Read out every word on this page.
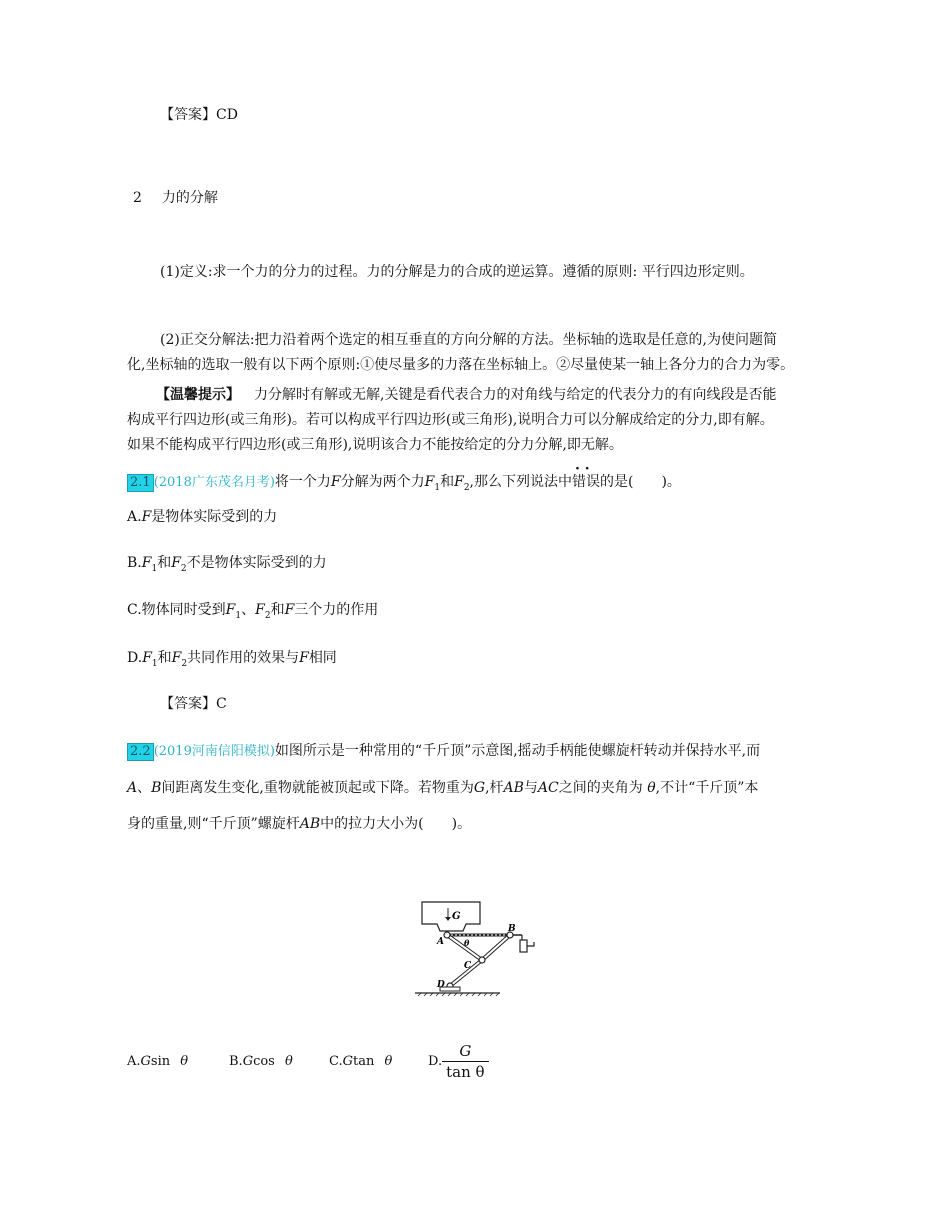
【答案】CD
2 力的分解
(1)定义:求一个力的分力的过程。力的分解是力的合成的逆运算。遵循的原则: 平行四边形定则。
(2)正交分解法:把力沿着两个选定的相互垂直的方向分解的方法。坐标轴的选取是任意的,为使问题简
化,坐标轴的选取一般有以下两个原则:①使尽量多的力落在坐标轴上。②尽量使某一轴上各分力的合力为零。
【温馨提示】 力分解时有解或无解,关键是看代表合力的对角线与给定的代表分力的有向线段是否能
构成平行四边形(或三角形)。若可以构成平行四边形(或三角形),说明合力可以分解成给定的分力,即有解。
如果不能构成平行四边形(或三角形),说明该合力不能按给定的分力分解,即无解。
2.1 (2018广东茂名月考)将一个力F分解为两个力$F_1$和$F_2$,那么下列说法中· · 错误的是(　　)。
A.F是物体实际受到的力
$B.F_1$和$F_2$不是物体实际受到的力
C.物体同时受到$F_1$、$F_2$和F三个力的作用
$D.F_1$和$F_2$共同作用的效果与F相同
【答案】C
2.2 (2019河南信阳模拟)如图所示是一种常用的“千斤顶”示意图,摇动手柄能使螺旋杆转动并保持水平,而
A、B间距离发生变化,重物就能被顶起或下降。若物重为G,杆AB与AC之间的夹角为 θ,不计“千斤顶”本
身的重量,则“千斤顶”螺旋杆AB中的拉力大小为(　　)。
G
A
B
C
D
θ
A.Gsin θ	B.Gcos θ	C.Gtan θ	D. $\frac{G}{\text{tan θ}}$
